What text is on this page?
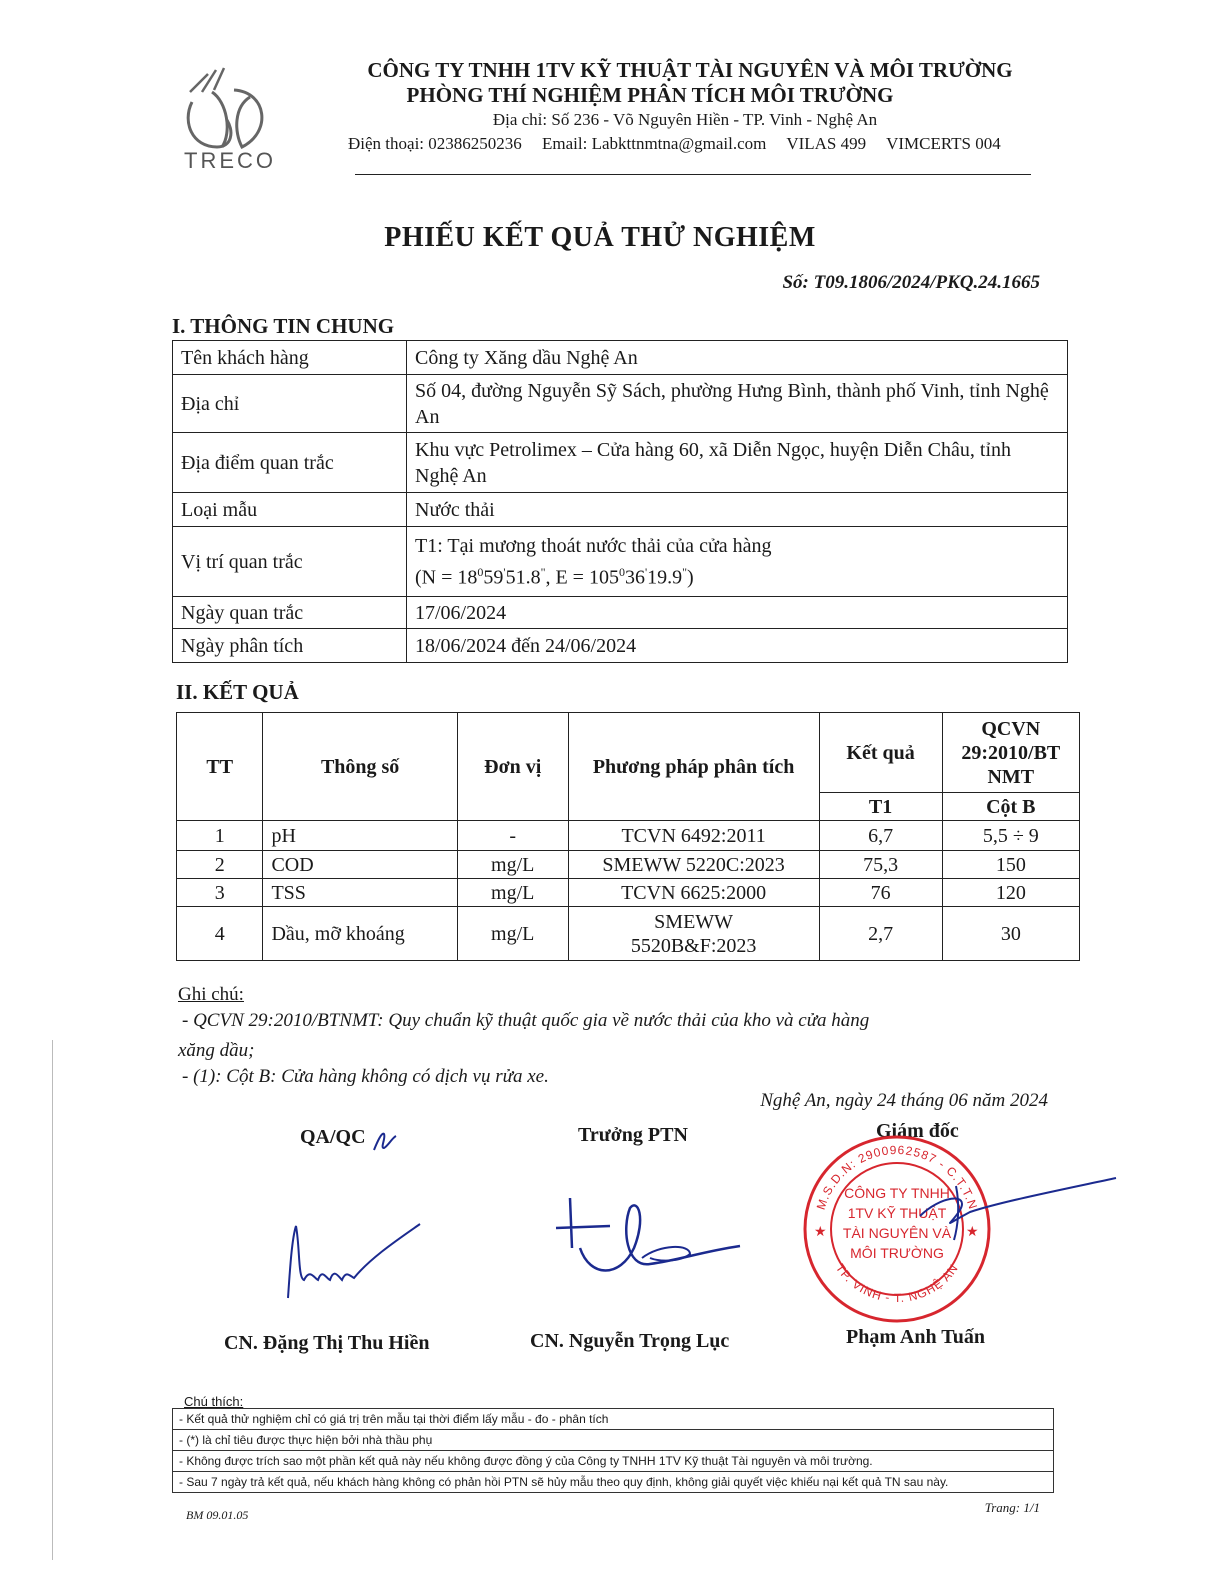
TRECO
CÔNG TY TNHH 1TV KỸ THUẬT TÀI NGUYÊN VÀ MÔI TRƯỜNG
PHÒNG THÍ NGHIỆM PHÂN TÍCH MÔI TRƯỜNG
Địa chỉ: Số 236 - Võ Nguyên Hiền - TP. Vinh - Nghệ An
Điện thoại: 02386250236 Email: Labkttnmtna@gmail.com VILAS 499 VIMCERTS 004
PHIẾU KẾT QUẢ THỬ NGHIỆM
Số: T09.1806/2024/PKQ.24.1665
I. THÔNG TIN CHUNG
Tên khách hàng	Công ty Xăng dầu Nghệ An
Địa chỉ	Số 04, đường Nguyễn Sỹ Sách, phường Hưng Bình, thành phố Vinh, tỉnh Nghệ An
Địa điểm quan trắc	Khu vực Petrolimex – Cửa hàng 60, xã Diễn Ngọc, huyện Diễn Châu, tỉnh Nghệ An
Loại mẫu	Nước thải
Vị trí quan trắc	T1: Tại mương thoát nước thải của cửa hàng
($N = 18^059'51.8^"$, $E = 105^036'19.9^"$)

Ngày quan trắc	17/06/2024
Ngày phân tích	18/06/2024 đến 24/06/2024
II. KẾT QUẢ
TT	Thông số	Đơn vị	Phương pháp phân tích	Kết quả	QCVN 29:2010/BT NMT
				T1	Cột B
1	pH	-	TCVN 6492:2011	6,7	5,5 ÷ 9
2	COD	mg/L	SMEWW 5220C:2023	75,3	150
3	TSS	mg/L	TCVN 6625:2000	76	120
4	Dầu, mỡ khoáng	mg/L	SMEWW 5520B&F:2023	2,7	30
Ghi chú:
- QCVN 29:2010/BTNMT: Quy chuẩn kỹ thuật quốc gia về nước thải của kho và cửa hàng
xăng dầu;
- (1): Cột B: Cửa hàng không có dịch vụ rửa xe.
Nghệ An, ngày 24 tháng 06 năm 2024
QA/QC	Trưởng PTN	Giám đốc
M.S.D.N: 2900962587 - C.T.T.N
TP. VINH - T. NGHỆ AN
CÔNG TY TNHH
1TV KỸ THUẬT
TÀI NGUYÊN VÀ
MÔI TRƯỜNG
★	★
CN. Đặng Thị Thu Hiền	CN. Nguyễn Trọng Lục	Phạm Anh Tuấn
Chú thích:
- Kết quả thử nghiệm chỉ có giá trị trên mẫu tại thời điểm lấy mẫu - đo - phân tích
- (*) là chỉ tiêu được thực hiện bởi nhà thầu phụ
- Không được trích sao một phần kết quả này nếu không được đồng ý của Công ty TNHH 1TV Kỹ thuật Tài nguyên và môi trường.
- Sau 7 ngày trả kết quả, nếu khách hàng không có phản hồi PTN sẽ hủy mẫu theo quy định, không giải quyết việc khiếu nại kết quả TN sau này.
BM 09.01.05	Trang: 1/1
